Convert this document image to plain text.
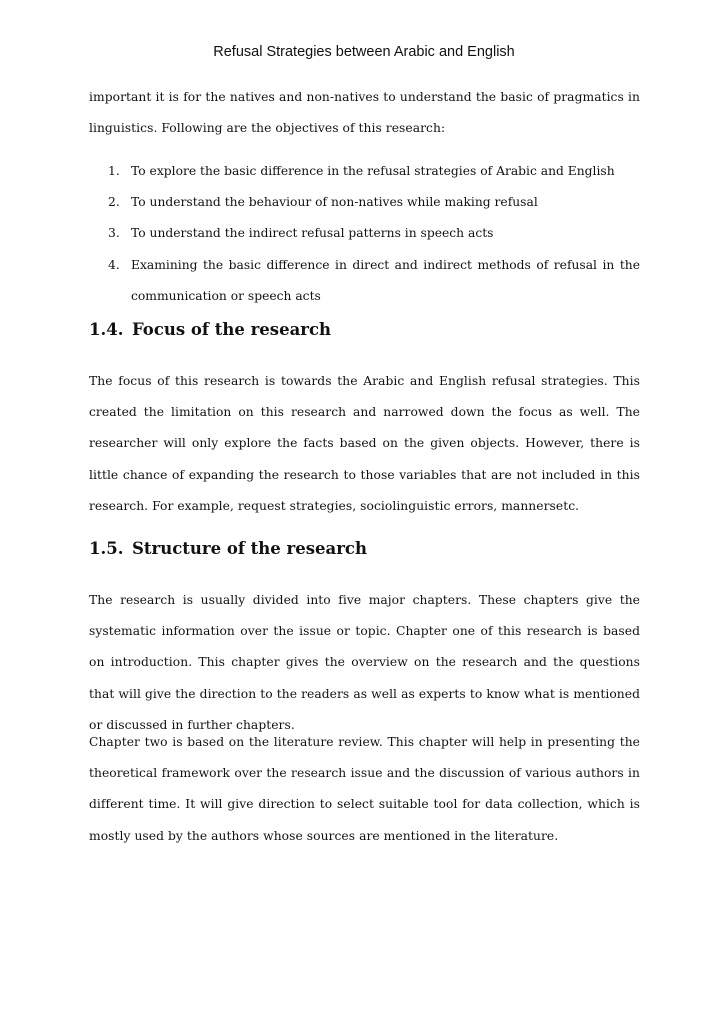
Refusal Strategies between Arabic and English

important it is for the natives and non-natives to understand the basic of pragmatics in linguistics. Following are the objectives of this research:

1. To explore the basic difference in the refusal strategies of Arabic and English
2. To understand the behaviour of non-natives while making refusal
3. To understand the indirect refusal patterns in speech acts
4. Examining the basic difference in direct and indirect methods of refusal in the communication or speech acts
1.4. Focus of the research

The focus of this research is towards the Arabic and English refusal strategies. This created the limitation on this research and narrowed down the focus as well. The researcher will only explore the facts based on the given objects. However, there is little chance of expanding the research to those variables that are not included in this research. For example, request strategies, sociolinguistic errors, mannersetc.

1.5. Structure of the research

The research is usually divided into five major chapters. These chapters give the systematic information over the issue or topic. Chapter one of this research is based on introduction. This chapter gives the overview on the research and the questions that will give the direction to the readers as well as experts to know what is mentioned or discussed in further chapters.

Chapter two is based on the literature review. This chapter will help in presenting the theoretical framework over the research issue and the discussion of various authors in different time. It will give direction to select suitable tool for data collection, which is mostly used by the authors whose sources are mentioned in the literature.
